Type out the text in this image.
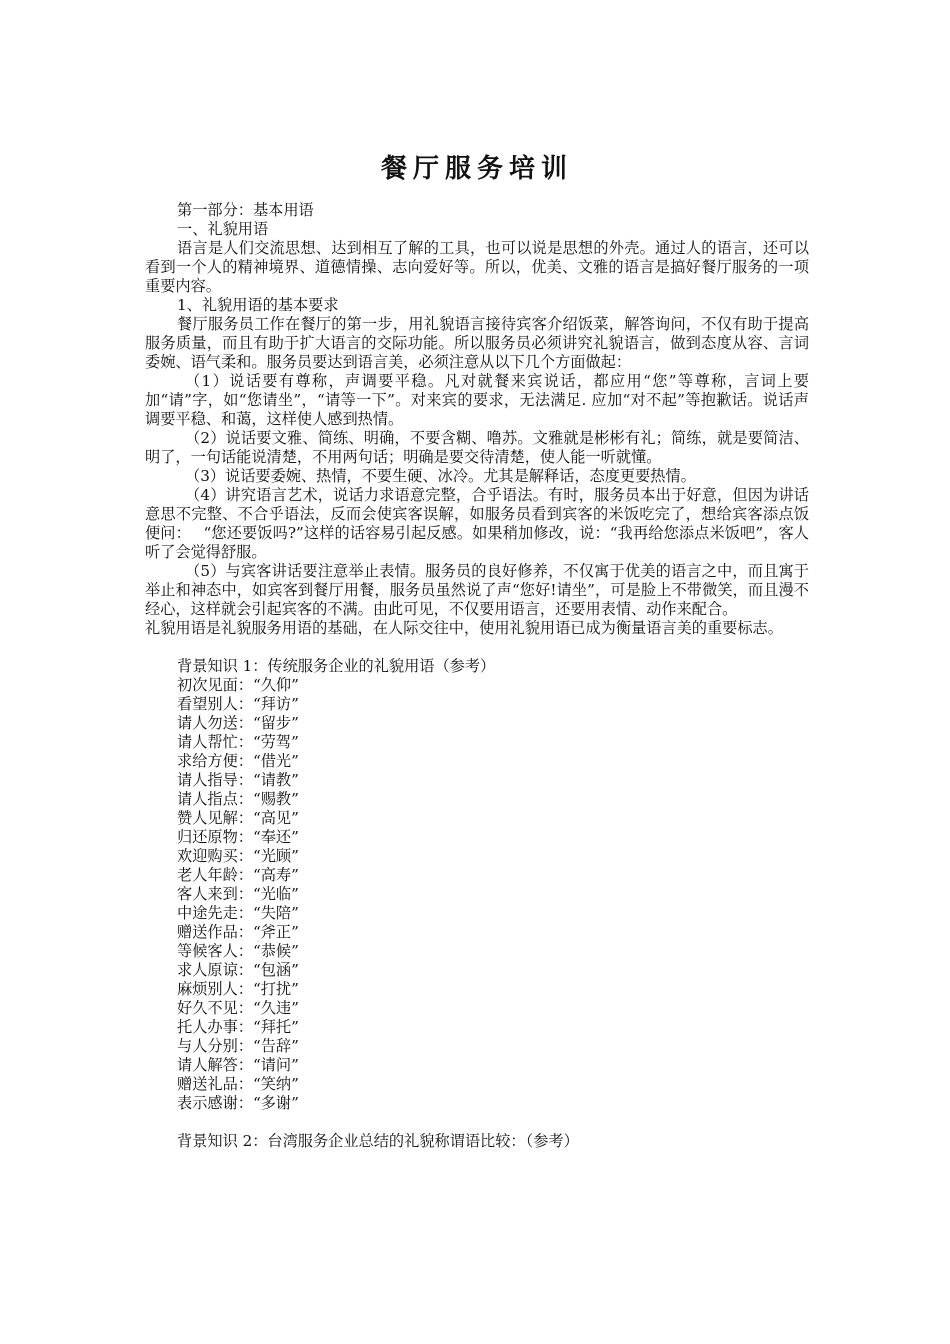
餐厅服务培训

第一部分：基本用语

一、礼貌用语

语言是人们交流思想、达到相互了解的工具，也可以说是思想的外壳。通过人的语言，还可以看到一个人的精神境界、道德情操、志向爱好等。所以，优美、文雅的语言是搞好餐厅服务的一项重要内容。

1、礼貌用语的基本要求

餐厅服务员工作在餐厅的第一步，用礼貌语言接待宾客介绍饭菜，解答询问，不仅有助于提高服务质量，而且有助于扩大语言的交际功能。所以服务员必须讲究礼貌语言，做到态度从容、言词委婉、语气柔和。服务员要达到语言美，必须注意从以下几个方面做起：

（1）说话要有尊称，声调要平稳。凡对就餐来宾说话，都应用“您”等尊称，言词上要加“请”字，如“您请坐”，“请等一下”。对来宾的要求，无法满足. 应加“对不起”等抱歉话。说话声调要平稳、和蔼，这样使人感到热情。

（2）说话要文雅、简练、明确，不要含糊、噜苏。文雅就是彬彬有礼；简练，就是要简洁、明了，一句话能说清楚，不用两句话；明确是要交待清楚，使人能一听就懂。

（3）说话要委婉、热情，不要生硬、冰冷。尤其是解释话，态度更要热情。

（4）讲究语言艺术，说话力求语意完整，合乎语法。有时，服务员本出于好意，但因为讲话意思不完整、不合乎语法，反而会使宾客误解，如服务员看到宾客的米饭吃完了，想给宾客添点饭便问：　 “您还要饭吗?”这样的话容易引起反感。如果稍加修改，说：“我再给您添点米饭吧”，客人听了会觉得舒服。

（5）与宾客讲话要注意举止表情。服务员的良好修养，不仅寓于优美的语言之中，而且寓于举止和神态中，如宾客到餐厅用餐，服务员虽然说了声“您好!请坐”，可是脸上不带微笑，而且漫不经心，这样就会引起宾客的不满。由此可见，不仅要用语言，还要用表情、动作来配合。

礼貌用语是礼貌服务用语的基础，在人际交往中，使用礼貌用语已成为衡量语言美的重要标志。

背景知识 1：传统服务企业的礼貌用语（参考）

初次见面：“久仰”
看望别人：“拜访”
请人勿送：“留步”
请人帮忙：“劳驾”
求给方便：“借光”
请人指导：“请教”
请人指点：“赐教”
赞人见解：“高见”
归还原物：“奉还”
欢迎购买：“光顾”
老人年龄：“高寿”
客人来到：“光临”
中途先走：“失陪”
赠送作品：“斧正”
等候客人：“恭候”
求人原谅：“包涵”
麻烦别人：“打扰”
好久不见：“久违”
托人办事：“拜托”
与人分别：“告辞”
请人解答：“请问”
赠送礼品：“笑纳”
表示感谢：“多谢”

背景知识 2：台湾服务企业总结的礼貌称谓语比较：（参考）
